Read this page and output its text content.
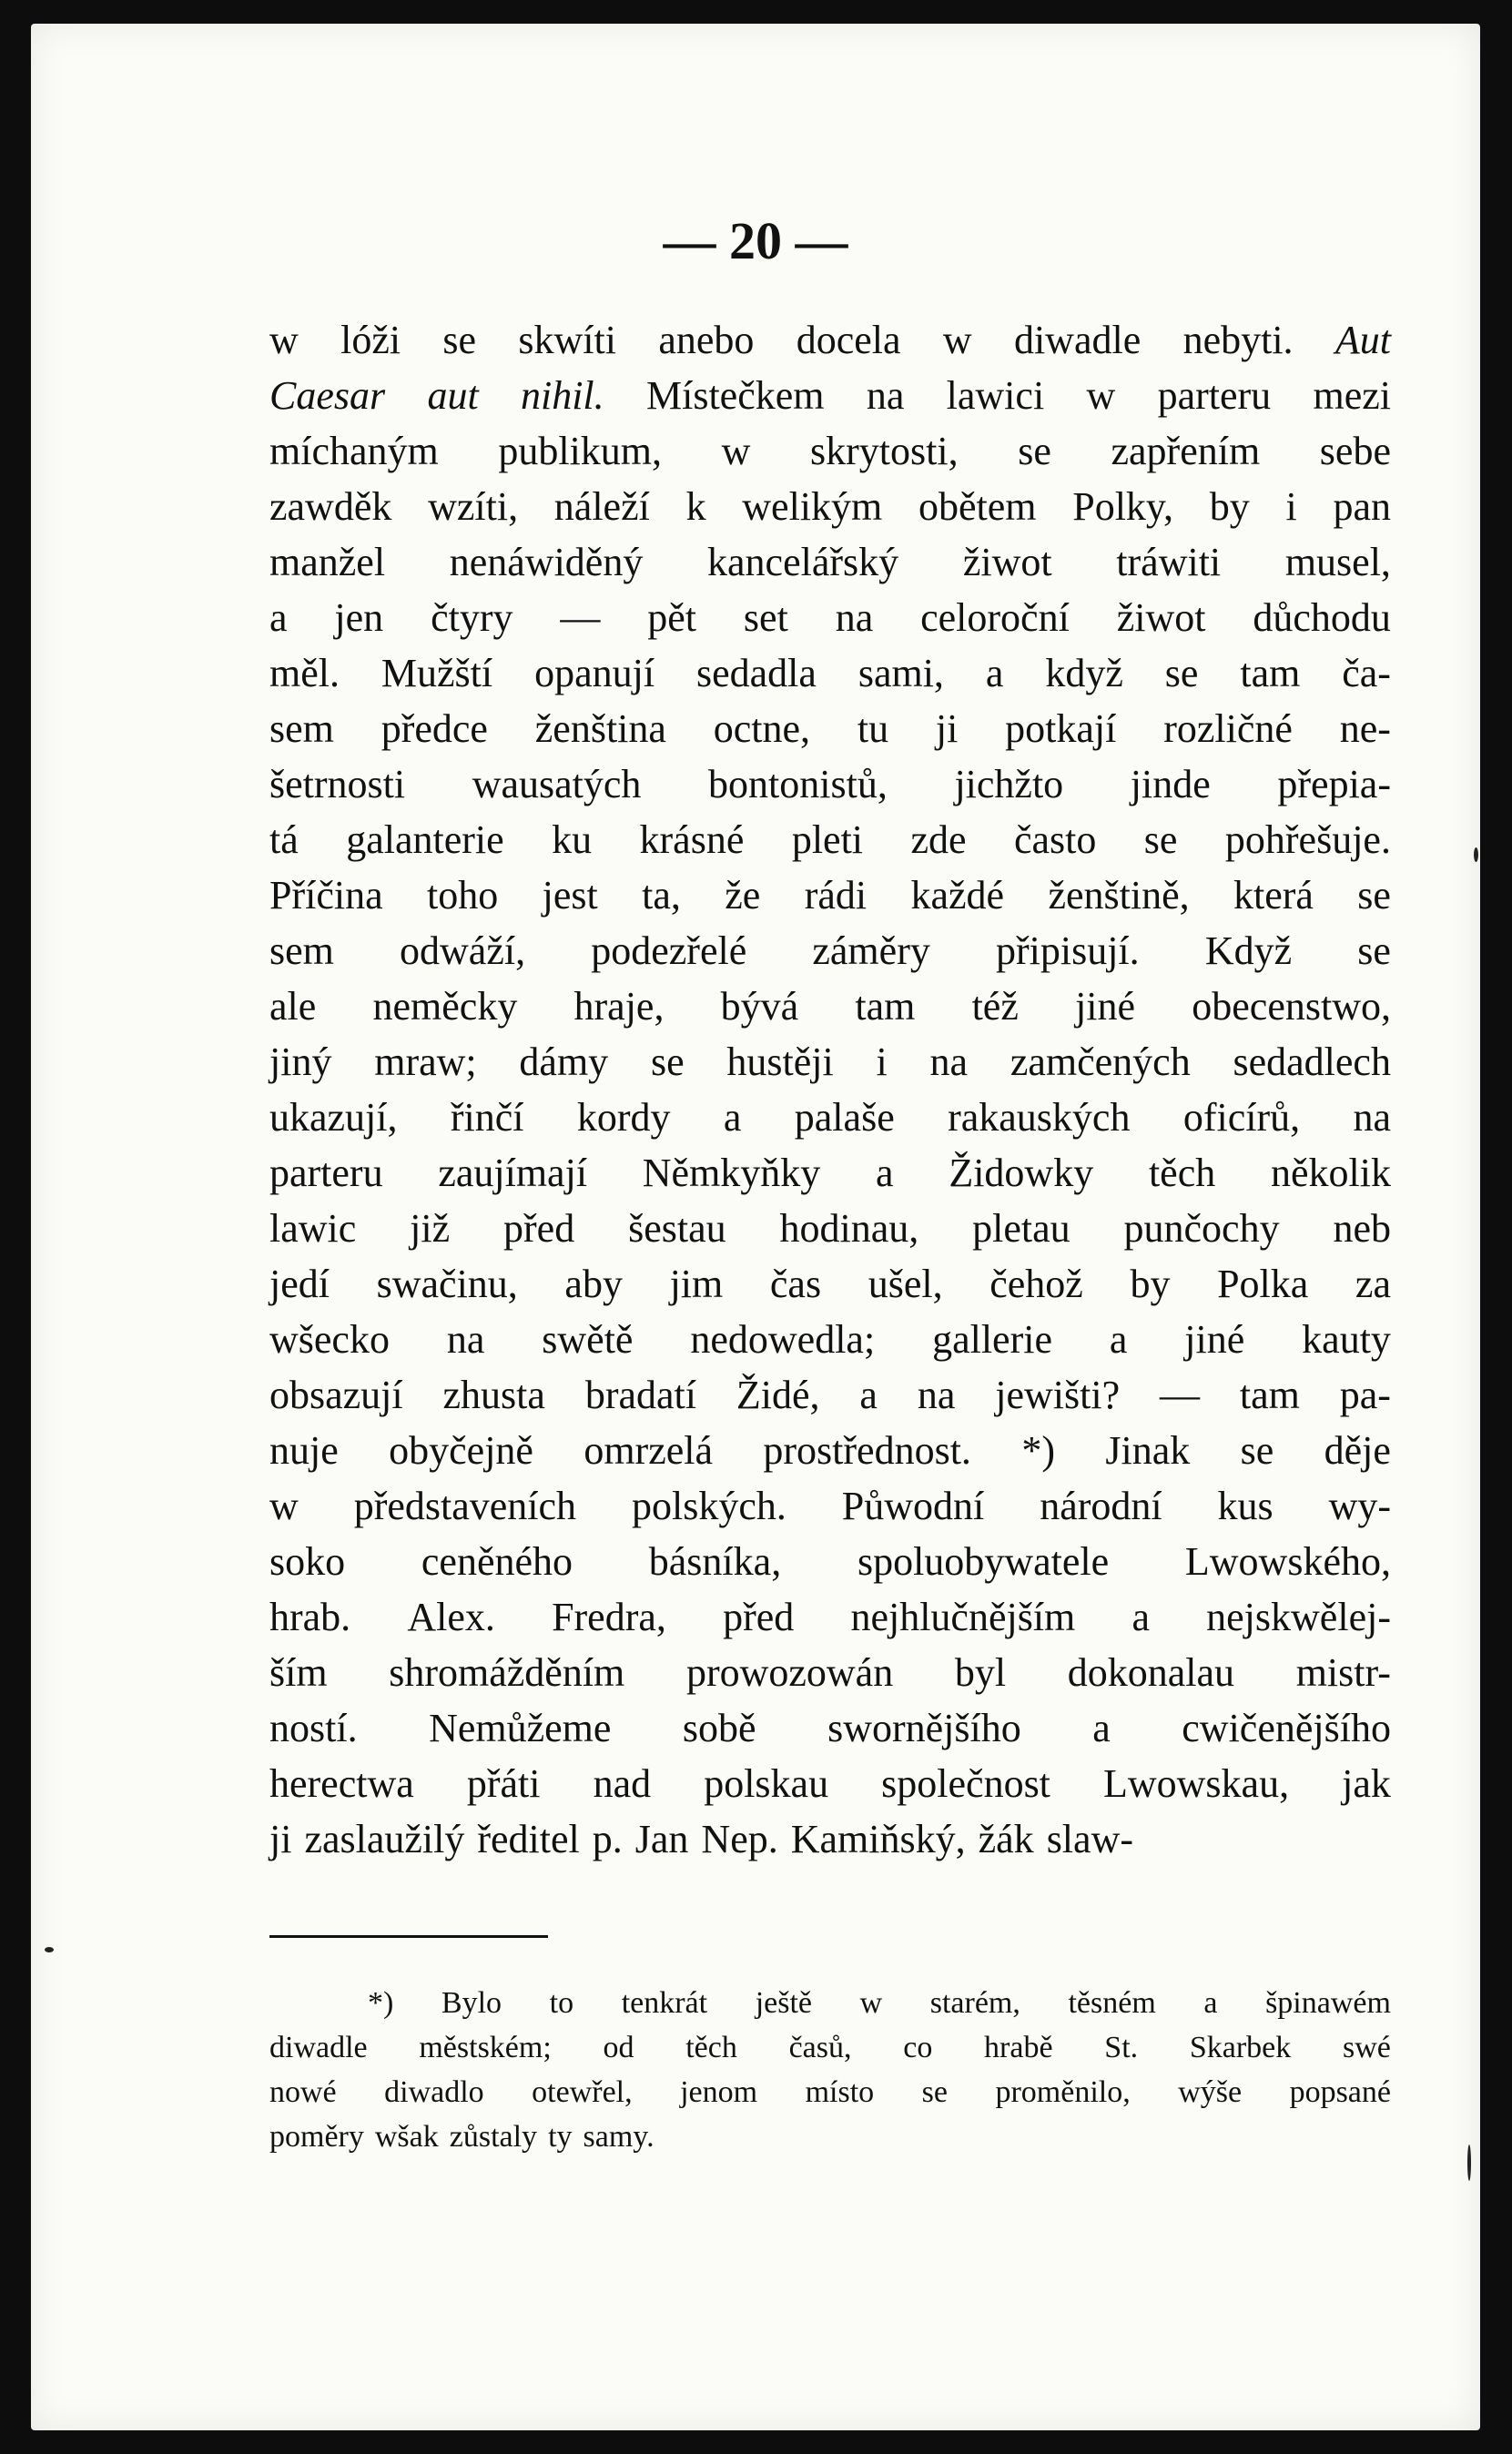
— 20 —
w lóži se skwíti anebo docela w diwadle nebyti. Aut
Caesar aut nihil. Místečkem na lawici w parteru mezi
míchaným publikum, w skrytosti, se zapřením sebe
zawděk wzíti, náleží k welikým obětem Polky, by i pan
manžel nenáwiděný kancelářský žiwot tráwiti musel,
a jen čtyry — pět set na celoroční žiwot důchodu
měl. Mužští opanují sedadla sami, a když se tam ča-
sem předce ženština octne, tu ji potkají rozličné ne-
šetrnosti wausatých bontonistů, jichžto jinde přepia-
tá galanterie ku krásné pleti zde často se pohřešuje.
Příčina toho jest ta, že rádi každé ženštině, která se
sem odwáží, podezřelé záměry připisují. Když se
ale neměcky hraje, bývá tam též jiné obecenstwo,
jiný mraw; dámy se hustěji i na zamčených sedadlech
ukazují, řinčí kordy a palaše rakauských oficírů, na
parteru zaujímají Němkyňky a Židowky těch několik
lawic již před šestau hodinau, pletau punčochy neb
jedí swačinu, aby jim čas ušel, čehož by Polka za
wšecko na swětě nedowedla; gallerie a jiné kauty
obsazují zhusta bradatí Židé, a na jewišti? — tam pa-
nuje obyčejně omrzelá prostřednost. *) Jinak se děje
w představeních polských. Půwodní národní kus wy-
soko ceněného básníka, spoluobywatele Lwowského,
hrab. Alex. Fredra, před nejhlučnějším a nejskwělej-
ším shromážděním prowozowán byl dokonalau mistr-
ností. Nemůžeme sobě swornějšího a cwičenějšího
herectwa přáti nad polskau společnost Lwowskau, jak
ji zaslaužilý ředitel p. Jan Nep. Kamiňský, žák slaw-
*) Bylo to tenkrát ještě w starém, těsném a špinawém
diwadle městském; od těch časů, co hrabě St. Skarbek swé
nowé diwadlo otewřel, jenom místo se proměnilo, wýše popsané
poměry wšak zůstaly ty samy.
